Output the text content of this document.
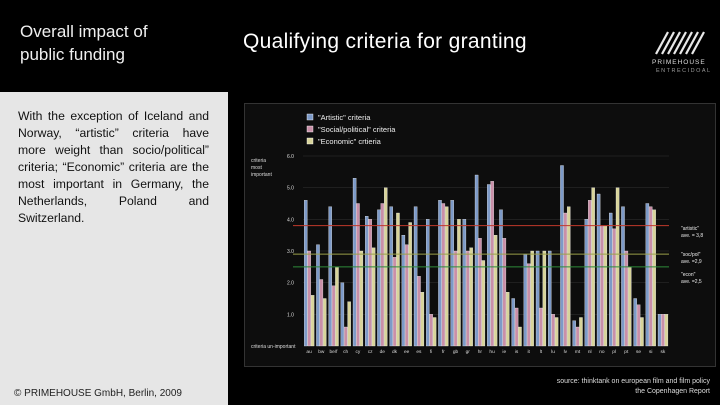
Overall impact of
public funding
With the exception of Iceland and Norway, “artistic” criteria have more weight than socio/political” criteria; “Economic” criteria are the most important in Germany, the Netherlands, Poland and Switzerland.
© PRIMEHOUSE GmbH, Berlin, 2009
Qualifying criteria for granting
PRIMEHOUSE
ENTRECIDOAL
"Artistic" criteria
"Social/political" criteria
"Economic" crtieria
criteria
most
important
criteria un-important
6.0
5.0
4.0
3.0
2.0
1.0
au bw be/f ch cy cz de dk ee es fi fr gb gr hr hu ie is it lt lu lv mt nl no pl pt se si sk
"artistic"
ave. = 3,8
"soc/pol"
ave. =2,9
"econ"
ave. =2,5
source: thinktank on european film and film policy
the Copenhagen Report
